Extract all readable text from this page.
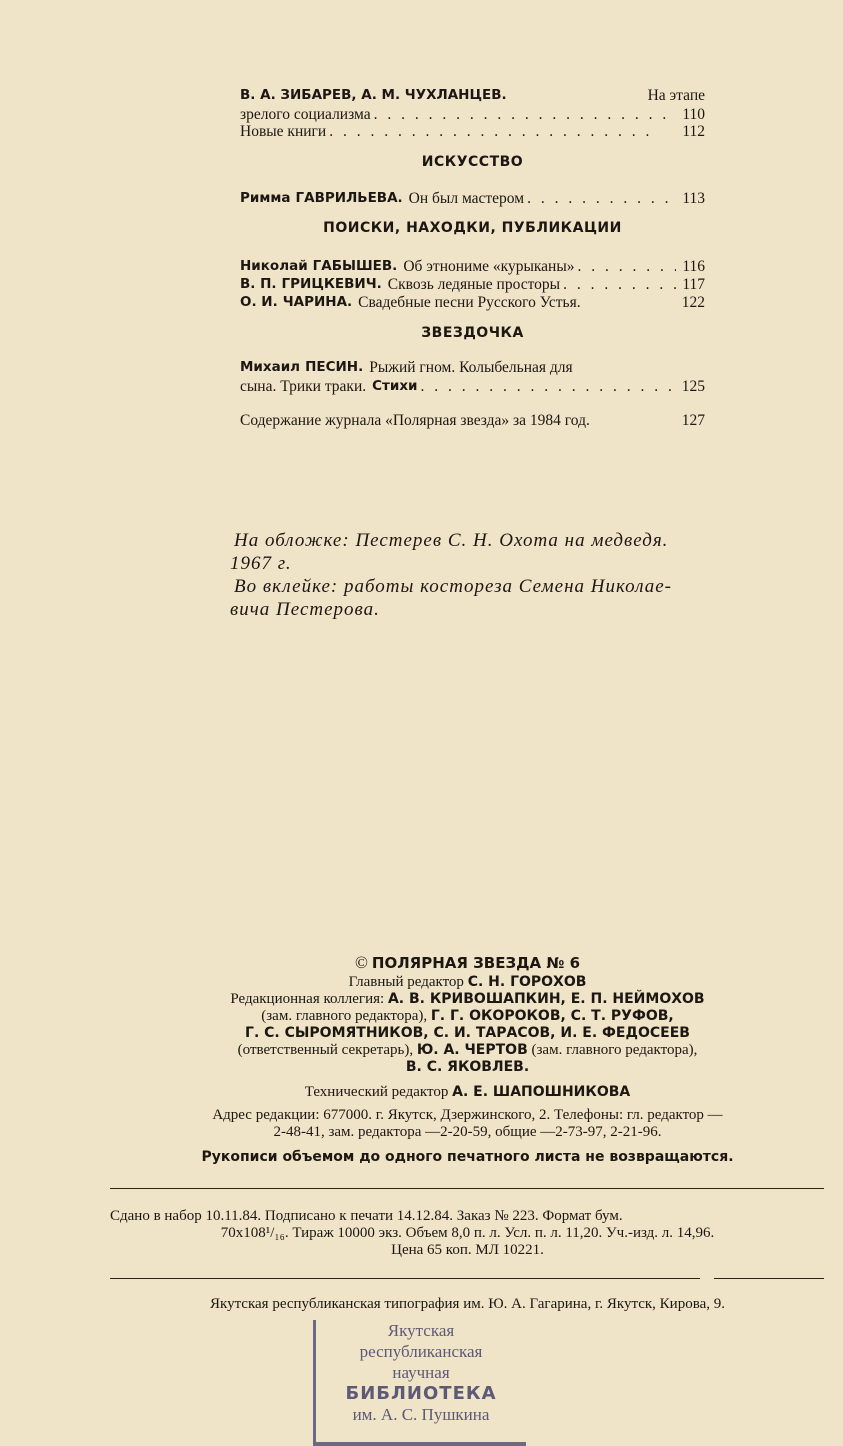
В. А. ЗИБАРЕВ, А. М. ЧУХЛАНЦЕВ.	На этапе
зрелого социализма . .	110
Новые книги . .	112
ИСКУССТВО
Римма ГАВРИЛЬЕВА. Он был мастером . .	113
ПОИСКИ, НАХОДКИ, ПУБЛИКАЦИИ
Николай ГАБЫШЕВ. Об этнониме «курыканы» . .	116
В. П. ГРИЦКЕВИЧ. Сквозь ледяные просторы . .	117
О. И. ЧАРИНА. Свадебные песни Русского Устья.	122
ЗВЕЗДОЧКА
Михаил ПЕСИН. Рыжий гном. Колыбельная для
сына. Трики траки. Стихи . .	125
Содержание журнала «Полярная звезда» за 1984 год.	127
На обложке: Пестерев С. Н. Охота на медведя.
1967 г.
Во вклейке: работы костореза Семена Николае-
вича Пестерова.
© ПОЛЯРНАЯ ЗВЕЗДА № 6
Главный редактор С. Н. ГОРОХОВ
Редакционная коллегия: А. В. КРИВОШАПКИН, Е. П. НЕЙМОХОВ
(зам. главного редактора), Г. Г. ОКОРОКОВ, С. Т. РУФОВ,
Г. С. СЫРОМЯТНИКОВ, С. И. ТАРАСОВ, И. Е. ФЕДОСЕЕВ
(ответственный секретарь), Ю. А. ЧЕРТОВ (зам. главного редактора),
В. С. ЯКОВЛЕВ.
Технический редактор А. Е. ШАПОШНИКОВА
Адрес редакции: 677000. г. Якутск, Дзержинского, 2. Телефоны: гл. редактор —
2-48-41, зам. редактора —2-20-59, общие —2-73-97, 2-21-96.
Рукописи объемом до одного печатного листа не возвращаются.
Сдано в набор 10.11.84. Подписано к печати 14.12.84. Заказ № 223. Формат бум.
70х108¹/₁₆. Тираж 10000 экз. Объем 8,0 п. л. Усл. п. л. 11,20. Уч.-изд. л. 14,96.
Цена 65 коп. МЛ 10221.
Якутская республиканская типография им. Ю. А. Гагарина, г. Якутск, Кирова, 9.
Якутская
республиканская
научная
БИБЛИОТЕКА
им. А. С. Пушкина
